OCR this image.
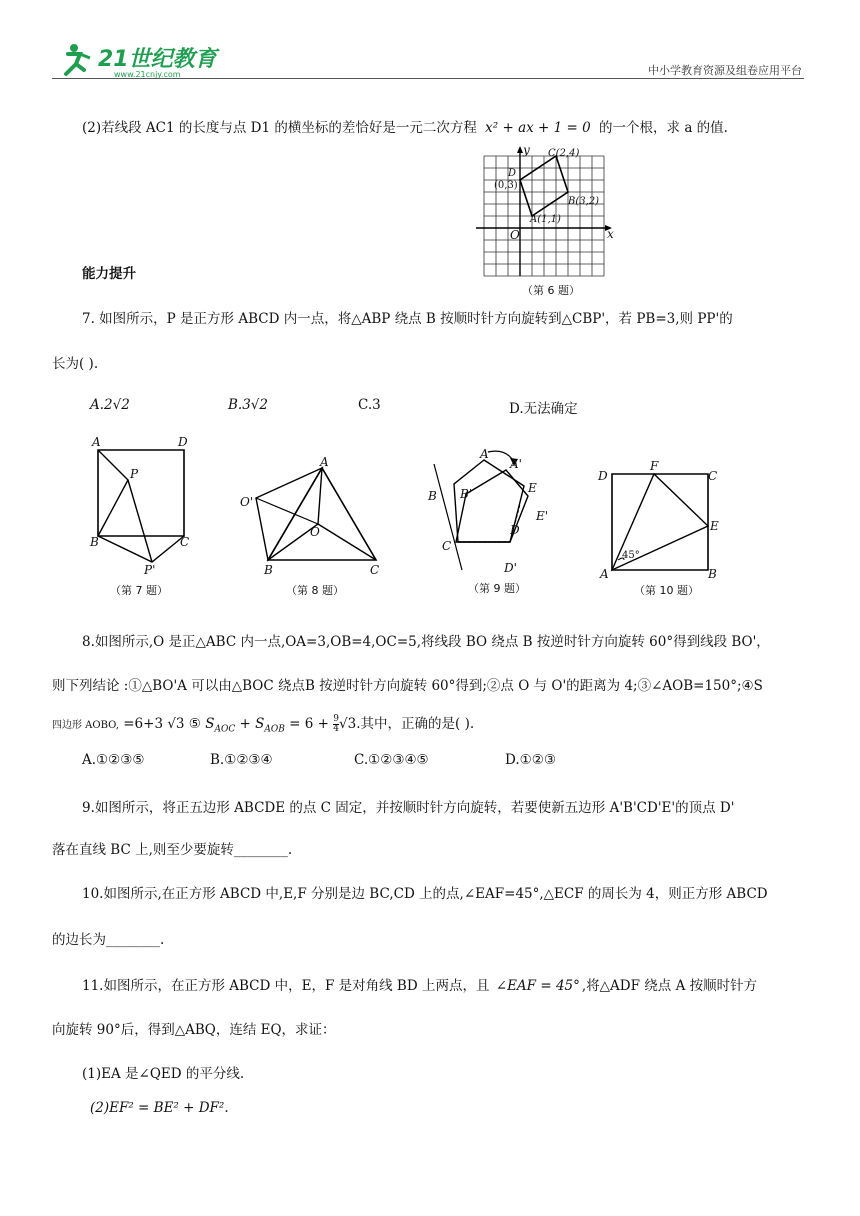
21世纪教育
www.21cnjy.com	中小学教育资源及组卷应用平台
(2)若线段 AC1 的长度与点 D1 的横坐标的差恰好是一元二次方程 x² + ax + 1 = 0 的一个根，求 a 的值.
y
x
O
C(2,4)
D
(0,3)
B(3,2)
A(1,1)
（第 6 题）
能力提升
7. 如图所示，P 是正方形 ABCD 内一点，将△ABP 绕点 B 按顺时针方向旋转到△CBP'，若 PB=3,则 PP'的
长为( ).
A.2√2	B.3√2	C.3	D.无法确定
A	D
P
B	C
P'
（第 7 题）
A
O'
O
B	C
（第 8 题）
A
A'
B B'	E
E'
D
D'
C
（第 9 题）
D
F
C
E
A	B
45°
（第 10 题）
8.如图所示,O 是正△ABC 内一点,OA=3,OB=4,OC=5,将线段 BO 绕点 B 按逆时针方向旋转 60°得到线段 BO'，
则下列结论 :①△BO'A 可以由△BOC 绕点B 按逆时针方向旋转 60°得到;②点 O 与 O'的距离为 4;③∠AOB=150°;④S
四边形 AOBO, =6+3 √3 ⑤ $S_{AOC} + S_{AOB} = 6 + \frac{9}{4} √3$.其中，正确的是( ).
A.①②③⑤	B.①②③④	C.①②③④⑤	D.①②③
9.如图所示，将正五边形 ABCDE 的点 C 固定，并按顺时针方向旋转，若要使新五边形 A'B'CD'E'的顶点 D'
落在直线 BC 上,则至少要旋转________.
10.如图所示,在正方形 ABCD 中,E,F 分别是边 BC,CD 上的点,∠EAF=45°,△ECF 的周长为 4，则正方形 ABCD
的边长为________.
11.如图所示，在正方形 ABCD 中，E，F 是对角线 BD 上两点，且 ∠EAF = 45° ,将△ADF 绕点 A 按顺时针方
向旋转 90°后，得到△ABQ，连结 EQ，求证：
(1)EA 是∠QED 的平分线.
(2)EF² = BE² + DF².
